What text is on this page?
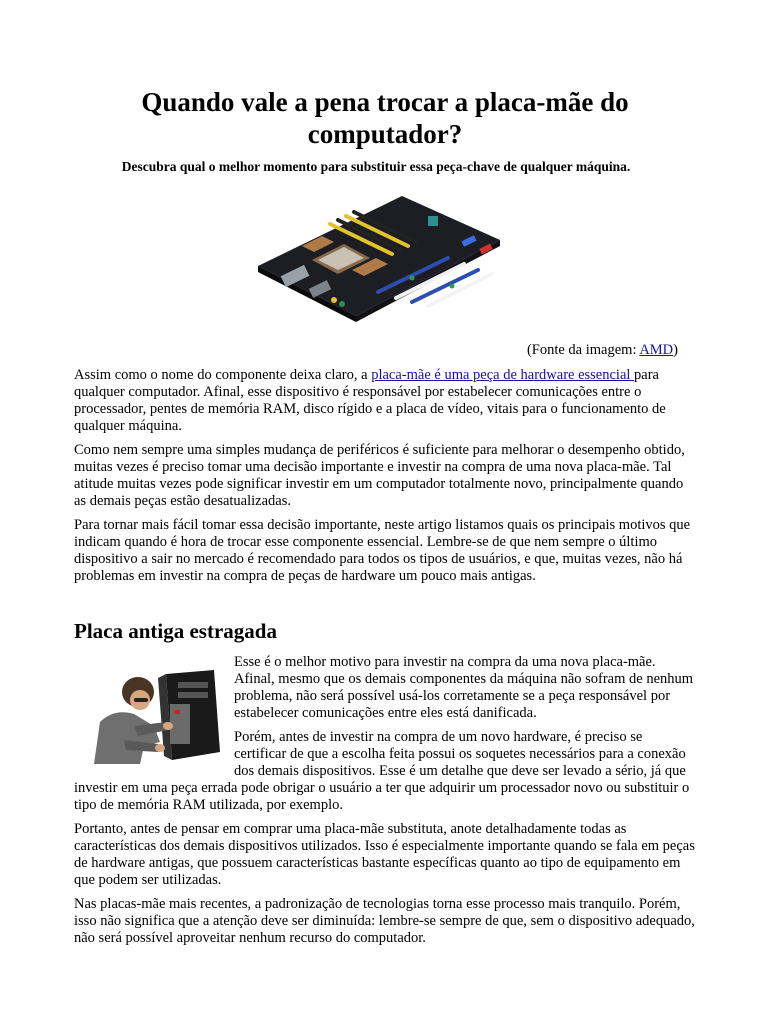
Quando vale a pena trocar a placa-mãe do computador?

Descubra qual o melhor momento para substituir essa peça-chave de qualquer máquina.

(Fonte da imagem: AMD)

Assim como o nome do componente deixa claro, a placa-mãe é uma peça de hardware essencial para qualquer computador. Afinal, esse dispositivo é responsável por estabelecer comunicações entre o processador, pentes de memória RAM, disco rígido e a placa de vídeo, vitais para o funcionamento de qualquer máquina.

Como nem sempre uma simples mudança de periféricos é suficiente para melhorar o desempenho obtido, muitas vezes é preciso tomar uma decisão importante e investir na compra de uma nova placa-mãe. Tal atitude muitas vezes pode significar investir em um computador totalmente novo, principalmente quando as demais peças estão desatualizadas.

Para tornar mais fácil tomar essa decisão importante, neste artigo listamos quais os principais motivos que indicam quando é hora de trocar esse componente essencial. Lembre-se de que nem sempre o último dispositivo a sair no mercado é recomendado para todos os tipos de usuários, e que, muitas vezes, não há problemas em investir na compra de peças de hardware um pouco mais antigas.

Placa antiga estragada

Esse é o melhor motivo para investir na compra da uma nova placa-mãe. Afinal, mesmo que os demais componentes da máquina não sofram de nenhum problema, não será possível usá-los corretamente se a peça responsável por estabelecer comunicações entre eles está danificada.

Porém, antes de investir na compra de um novo hardware, é preciso se certificar de que a escolha feita possui os soquetes necessários para a conexão dos demais dispositivos. Esse é um detalhe que deve ser levado a sério, já que investir em uma peça errada pode obrigar o usuário a ter que adquirir um processador novo ou substituir o tipo de memória RAM utilizada, por exemplo.

Portanto, antes de pensar em comprar uma placa-mãe substituta, anote detalhadamente todas as características dos demais dispositivos utilizados. Isso é especialmente importante quando se fala em peças de hardware antigas, que possuem características bastante específicas quanto ao tipo de equipamento em que podem ser utilizadas.

Nas placas-mãe mais recentes, a padronização de tecnologias torna esse processo mais tranquilo. Porém, isso não significa que a atenção deve ser diminuída: lembre-se sempre de que, sem o dispositivo adequado, não será possível aproveitar nenhum recurso do computador.
